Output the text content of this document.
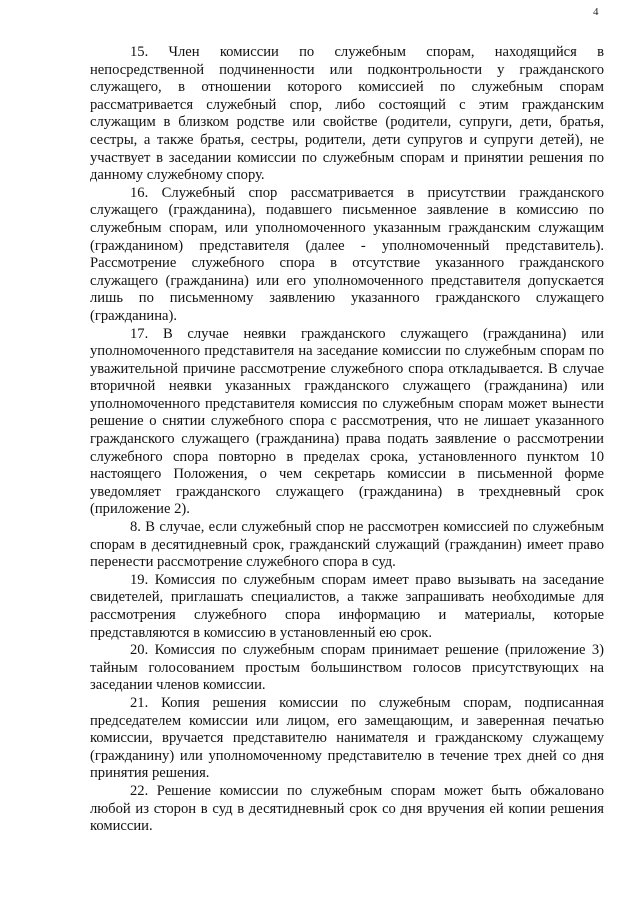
4

15. Член комиссии по служебным спорам, находящийся в непосредственной подчиненности или подконтрольности у гражданского служащего, в отношении которого комиссией по служебным спорам рассматривается служебный спор, либо состоящий с этим гражданским служащим в близком родстве или свойстве (родители, супруги, дети, братья, сестры, а также братья, сестры, родители, дети супругов и супруги детей), не участвует в заседании комиссии по служебным спорам и принятии решения по данному служебному спору.

16. Служебный спор рассматривается в присутствии гражданского служащего (гражданина), подавшего письменное заявление в комиссию по служебным спорам, или уполномоченного указанным гражданским служащим (гражданином) представителя (далее - уполномоченный представитель). Рассмотрение служебного спора в отсутствие указанного гражданского служащего (гражданина) или его уполномоченного представителя допускается лишь по письменному заявлению указанного гражданского служащего (гражданина).

17. В случае неявки гражданского служащего (гражданина) или уполномоченного представителя на заседание комиссии по служебным спорам по уважительной причине рассмотрение служебного спора откладывается. В случае вторичной неявки указанных гражданского служащего (гражданина) или уполномоченного представителя комиссия по служебным спорам может вынести решение о снятии служебного спора с рассмотрения, что не лишает указанного гражданского служащего (гражданина) права подать заявление о рассмотрении служебного спора повторно в пределах срока, установленного пунктом 10 настоящего Положения, о чем секретарь комиссии в письменной форме уведомляет гражданского служащего (гражданина) в трехдневный срок (приложение 2).

8. В случае, если служебный спор не рассмотрен комиссией по служебным спорам в десятидневный срок, гражданский служащий (гражданин) имеет право перенести рассмотрение служебного спора в суд.

19. Комиссия по служебным спорам имеет право вызывать на заседание свидетелей, приглашать специалистов, а также запрашивать необходимые для рассмотрения служебного спора информацию и материалы, которые представляются в комиссию в установленный ею срок.

20. Комиссия по служебным спорам принимает решение (приложение 3) тайным голосованием простым большинством голосов присутствующих на заседании членов комиссии.

21. Копия решения комиссии по служебным спорам, подписанная председателем комиссии или лицом, его замещающим, и заверенная печатью комиссии, вручается представителю нанимателя и гражданскому служащему (гражданину) или уполномоченному представителю в течение трех дней со дня принятия решения.

22. Решение комиссии по служебным спорам может быть обжаловано любой из сторон в суд в десятидневный срок со дня вручения ей копии решения комиссии.
